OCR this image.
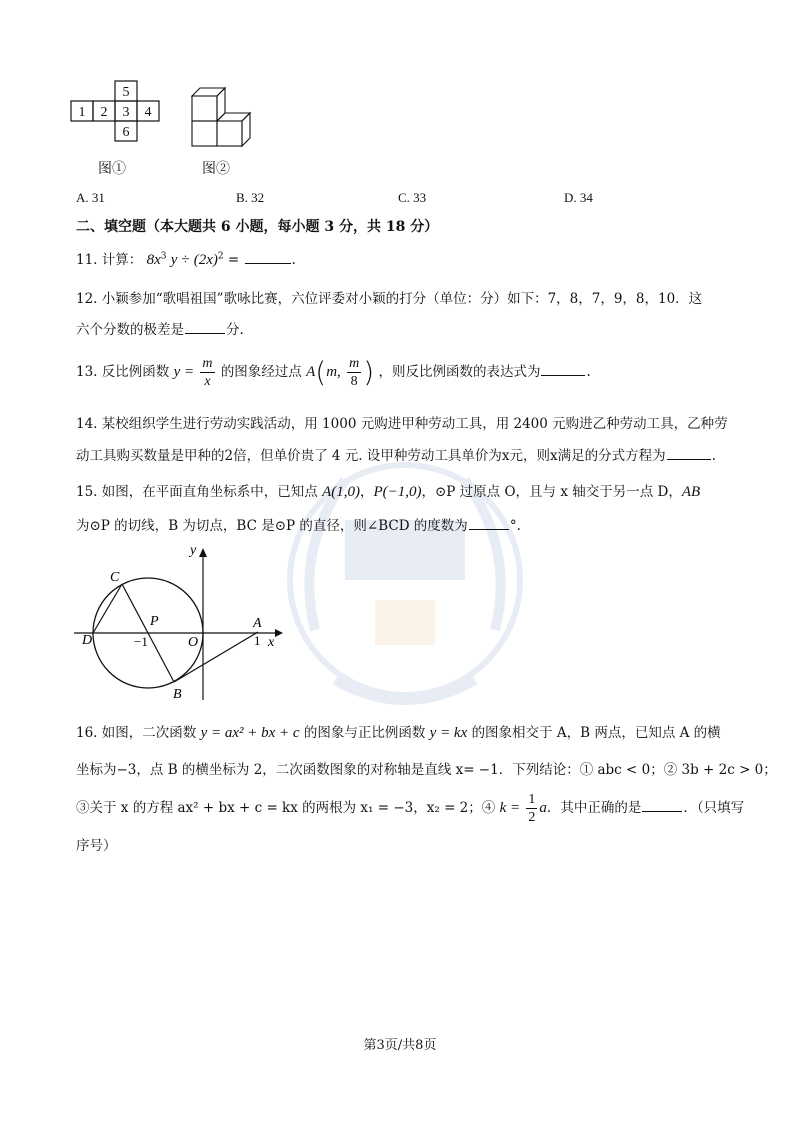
5
1 2 3 4
6
图①	图②
A. 31	B. 32	C. 33	D. 34
二、填空题（本大题共 6 小题，每小题 3 分，共 18 分）
11. 计算： $8x^3$ $y \div (2x)^2$ =	.
12. 小颖参加“歌唱祖国”歌咏比赛，六位评委对小颖的打分（单位：分）如下：7，8，7，9，8，10．这
六个分数的极差是	分.
13. 反比例函数 $y = \frac{m}{x}$ 的图象经过点 A(m, $\frac{m}{8}$ ) ，则反比例函数的表达式为	.
14. 某校组织学生进行劳动实践活动，用 1000 元购进甲种劳动工具，用 2400 元购进乙种劳动工具，乙种劳
动工具购买数量是甲种的2倍，但单价贵了 4 元. 设甲种劳动工具单价为x元，则x满足的分式方程为	.
15. 如图，在平面直角坐标系中，已知点 A(1,0)，P(−1,0)，⊙P 过原点 O，且与 x 轴交于另一点 D，AB
为⊙P 的切线，B 为切点，BC 是⊙P 的直径，则∠BCD 的度数为	°.
y
C
P
−1	O
A
1 x
D
B
16. 如图，二次函数 y = ax² + bx + c 的图象与正比例函数 y = kx 的图象相交于 A，B 两点，已知点 A 的横
坐标为−3，点 B 的横坐标为 2，二次函数图象的对称轴是直线 x= −1．下列结论：① abc < 0；② 3b + 2c > 0；
③关于 x 的方程 ax² + bx + c = kx 的两根为 x₁ = −3，x₂ = 2；④ $k = \frac{1}{2}$ a．其中正确的是	．（只填写
序号）
第3页/共8页
